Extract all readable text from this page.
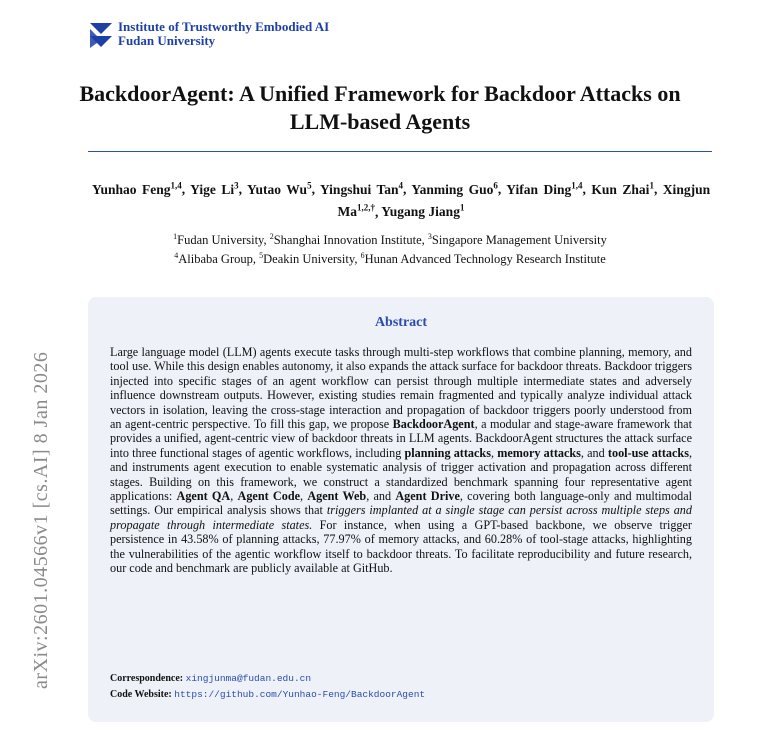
Institute of Trustworthy Embodied AI
Fudan University
BackdoorAgent: A Unified Framework for Backdoor Attacks on LLM-based Agents
Yunhao Feng$^{1,4}$, Yige Li$^3$, Yutao Wu$^5$, Yingshui Tan$^4$, Yanming Guo$^6$, Yifan Ding$^{1,4}$, Kun Zhai$^1$, Xingjun $Ma^{1,2,\dagger}$, Yugang Jiang$^1$
$^1$Fudan University, $^2$Shanghai Innovation Institute, $^3$Singapore Management University
$^4$Alibaba Group, $^5$Deakin University, $^6$Hunan Advanced Technology Research Institute
arXiv:2601.04566v1 [cs.AI] 8 Jan 2026
Abstract
Large language model (LLM) agents execute tasks through multi-step workflows that combine planning, memory, and tool use. While this design enables autonomy, it also expands the attack surface for backdoor threats. Backdoor triggers injected into specific stages of an agent workflow can persist through multiple intermediate states and adversely influence downstream outputs. However, existing studies remain fragmented and typically analyze individual attack vectors in isolation, leaving the cross-stage interaction and propagation of backdoor triggers poorly understood from an agent-centric perspective. To fill this gap, we propose BackdoorAgent, a modular and stage-aware framework that provides a unified, agent-centric view of backdoor threats in LLM agents. BackdoorAgent structures the attack surface into three functional stages of agentic workflows, including planning attacks, memory attacks, and tool-use attacks, and instruments agent execution to enable systematic analysis of trigger activation and propagation across different stages. Building on this framework, we construct a standardized benchmark spanning four representative agent applications: Agent QA, Agent Code, Agent Web, and Agent Drive, covering both language-only and multimodal settings. Our empirical analysis shows that triggers implanted at a single stage can persist across multiple steps and propagate through intermediate states. For instance, when using a GPT-based backbone, we observe trigger persistence in 43.58% of planning attacks, 77.97% of memory attacks, and 60.28% of tool-stage attacks, highlighting the vulnerabilities of the agentic workflow itself to backdoor threats. To facilitate reproducibility and future research, our code and benchmark are publicly available at GitHub.
Correspondence: xingjunma@fudan.edu.cn
Code Website: https://github.com/Yunhao-Feng/BackdoorAgent
